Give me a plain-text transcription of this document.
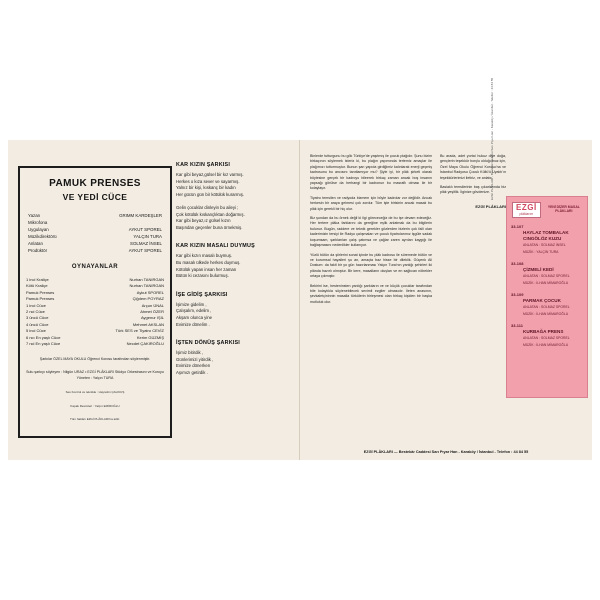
PAMUK PRENSES
VE YEDİ CÜCE
Yazan	GRIMM KARDEŞLER
Mikrofona
Uygulayan	AYKUT SPOREL
Müzikdirektörü	YALÇIN TURA
Anlatan	SOLMAZ İNSEL
Prodüktör	AYKUT SPOREL
OYNAYANLAR
1 inci Kraliçe	Nurhan TANIRGAN
Kötü Kraliçe	Nurhan TANIRGAN
Pamuk Prenses	Aykut SPOREL
Pamuk Prenses	Çiğdem POYRAZ
1 inci Cüce	Arçun ÜNAL
2 nci Cüce	Ahmet ÖZER
3 üncü Cüce	Aygenur IŞIL
4 üncü Cüce	Mehmet AKSLAN
5 inci Cüce	Türk SES ve Tiyatro CEVİZ
6 ncı En yaşlı Cüce	Kerim GÜZMİŞ
7 nci En yaşlı Cüce	Necdet ÇAKIROĞLU
Şarkılar ÖZEL MAYA OKULU Öğrenci Korosu tarafından söylenmiştir.
Sulu şarkıyı söyleyen : Nilgün URAZ • EZGİ PLÂKLARI Stüdyo Orkestrasını ve Koroyu Yöneten : Yalçın TURA
Ses Kontrol ve teknikle : Hayrettin ÇALIKUŞ
Kapak Resimleri : Yalçın EMİROĞLU
Tüm hakları EZGİ PLÂKLARI'na aittir.
KAR KIZIN ŞARKISI
Kar gibi beyaz,gülsel bir kız varmış.
Herkes o kıza sever ve sayarmış.
Yalnız bir kişi, kıskanç bir kadın
Her gücün gün bir kötülük kurarmış.

Gelin çocuklar dinleyin bu aileyi ;
Çok kötülük kıskançlıktan doğarmış.
Kar gibi beyaz,ız gülsel kızın
Başından geçenler buna örnekmiş.
KAR KIZIN MASALI DUYMUŞ
Kar gibi kızın masalı buymuş.
Bu masalı ülkede herkes duymuş.
Kötülük yapan insan her zaman
Bütün ki cezasını bulurmuş.
İŞE GİDİŞ ŞARKISI
İşimize gidelim ,
Çalışalım, edelim ,
Akşam olunca yine
Evimize dönelim .
İŞTEN DÖNÜŞ ŞARKISI
İşimiz bitirdik ,
Günlerimizi yitirdik ,
Evimize dönerken
Aşımızı getirdik .

Binlerde tutturgunu bu gök Türkiye'de yaşıtmış ile çocuk plağıdır. Şunu bizim birkaçının söylemek isteriz ki, bu plağın yapımında tertemiz amaçlar ile plağımızı tutturmuştur. Bunun şan yapıda girdiğimiz kalınlarak enerji geçmiş kadrosunu bu ancısını tanıtlamıyor mu? Şiyle iyi, bir plâk şirketi olarak böylesine gerçek bir kadroyu bileerek birkaç zaman ancak boş insanın yapsağı görülse da herhangi bir kadronun bu masraflı olması ile bir kolaylaşır.

Tiyatro temsilen ve radyoda bizmem için böyle kadrolar zor değildir. Ancak herkesin bir araya gelmesi çok zordur. Tüm işte birisinin ancak masalı bu plâk için gerekli bir hiç olur.

Biz şundan da bu örnek değil ki ilgi görececeğiz de bu işe devam edeceğiz. Her tertere plâka farklarını da gereğine eşlik anlatmak da bu bilgilerin bulunur. Bugün, raddere ve teknik gerekler gözlerden bizlerin çok faili olan kaderimizin tersiyi ile Radyo çalışmaları ve çocuk tiyatrolarımız işgüle sadak koşumsam, şarklarıları çalış çatımsa ve çağlar zaren ayrıları kaygığı ile bağlaşmasını nedenlikler kullanıyor.

Yüzlü bütün da şiirlerini sonat içinde bu plâk kadrosu ile süremede bütün ve ve kurumsal hayalleri şu an, amaçta baz hisse bir dileklik. Güçenk Ali Dostum: da fakti bir yo gün hazırlanması Yalçın Tura'nın yanlığı şehirleri iki plânda hazırlı olmıştur. Bir kere, masalların oluşları ve en sağlıcan nöbekler ortaya çıkmıştır.

Bekirini ise, hesteninsten yanlığı şarkıların ve ve küçük çocuklar tarafından bile kolaylıkla söylenebilecek sevimli ezgiler olmasıdır. İleten anasının, şevkaletçininnin masalla türkülerin birleşmesi olan birkaç kişiden bir başka mutluluk olur.

Bu arada, adet yortai hukuz diye doğa, gençlerin teşekkür borçlu olduğumuz için, Özel Maya Okulu Öğrenci Korosu'na ve İstanbul Radyosu Çocuk Kültü'ü Uyalıtı'ın teşekkürlerimizi iletiriz, ve anlatır.

Baslaklı temsilerinin baş çıkarlarında biz plâk yeşitlik. İlginize gövdenize.

EZGİ PLÂKLARI EZGİ
plâklarım
YENİ DİZER MASAL PLÂKLARI
33-107
HAYLAZ TOMBALAK
CINGÖLÖZ KUZU
ANLATAN : SOLMAZ İNSEL
MÜZİK : YALÇIN TURA
33-108
ÇİZMELİ KEDİ
ANLATAN : SOLMAZ SPOREL
MÜZİK : İLHAN MİMAROĞLU
33-109
PARMAK ÇOCUK
ANLATAN : SOLMAZ SPOREL
MÜZİK : İLHAN MİMAROĞLU
33-111
KURBAĞA PRENS
ANLATAN : SOLMAZ SPOREL
MÜZİK : İLHAN MİMAROĞLU
EZGİ PLÂKLARI - Bestekâr Caddesi Sarı Pıyar Han - Karaköy / İstanbul - Telefon : 44 84 55
EZGİ PLÂKLARI — Bestekâr Caddesi Sarı Pıyar Han - Karaköy / İstanbul - Telefon : 44 84 55
